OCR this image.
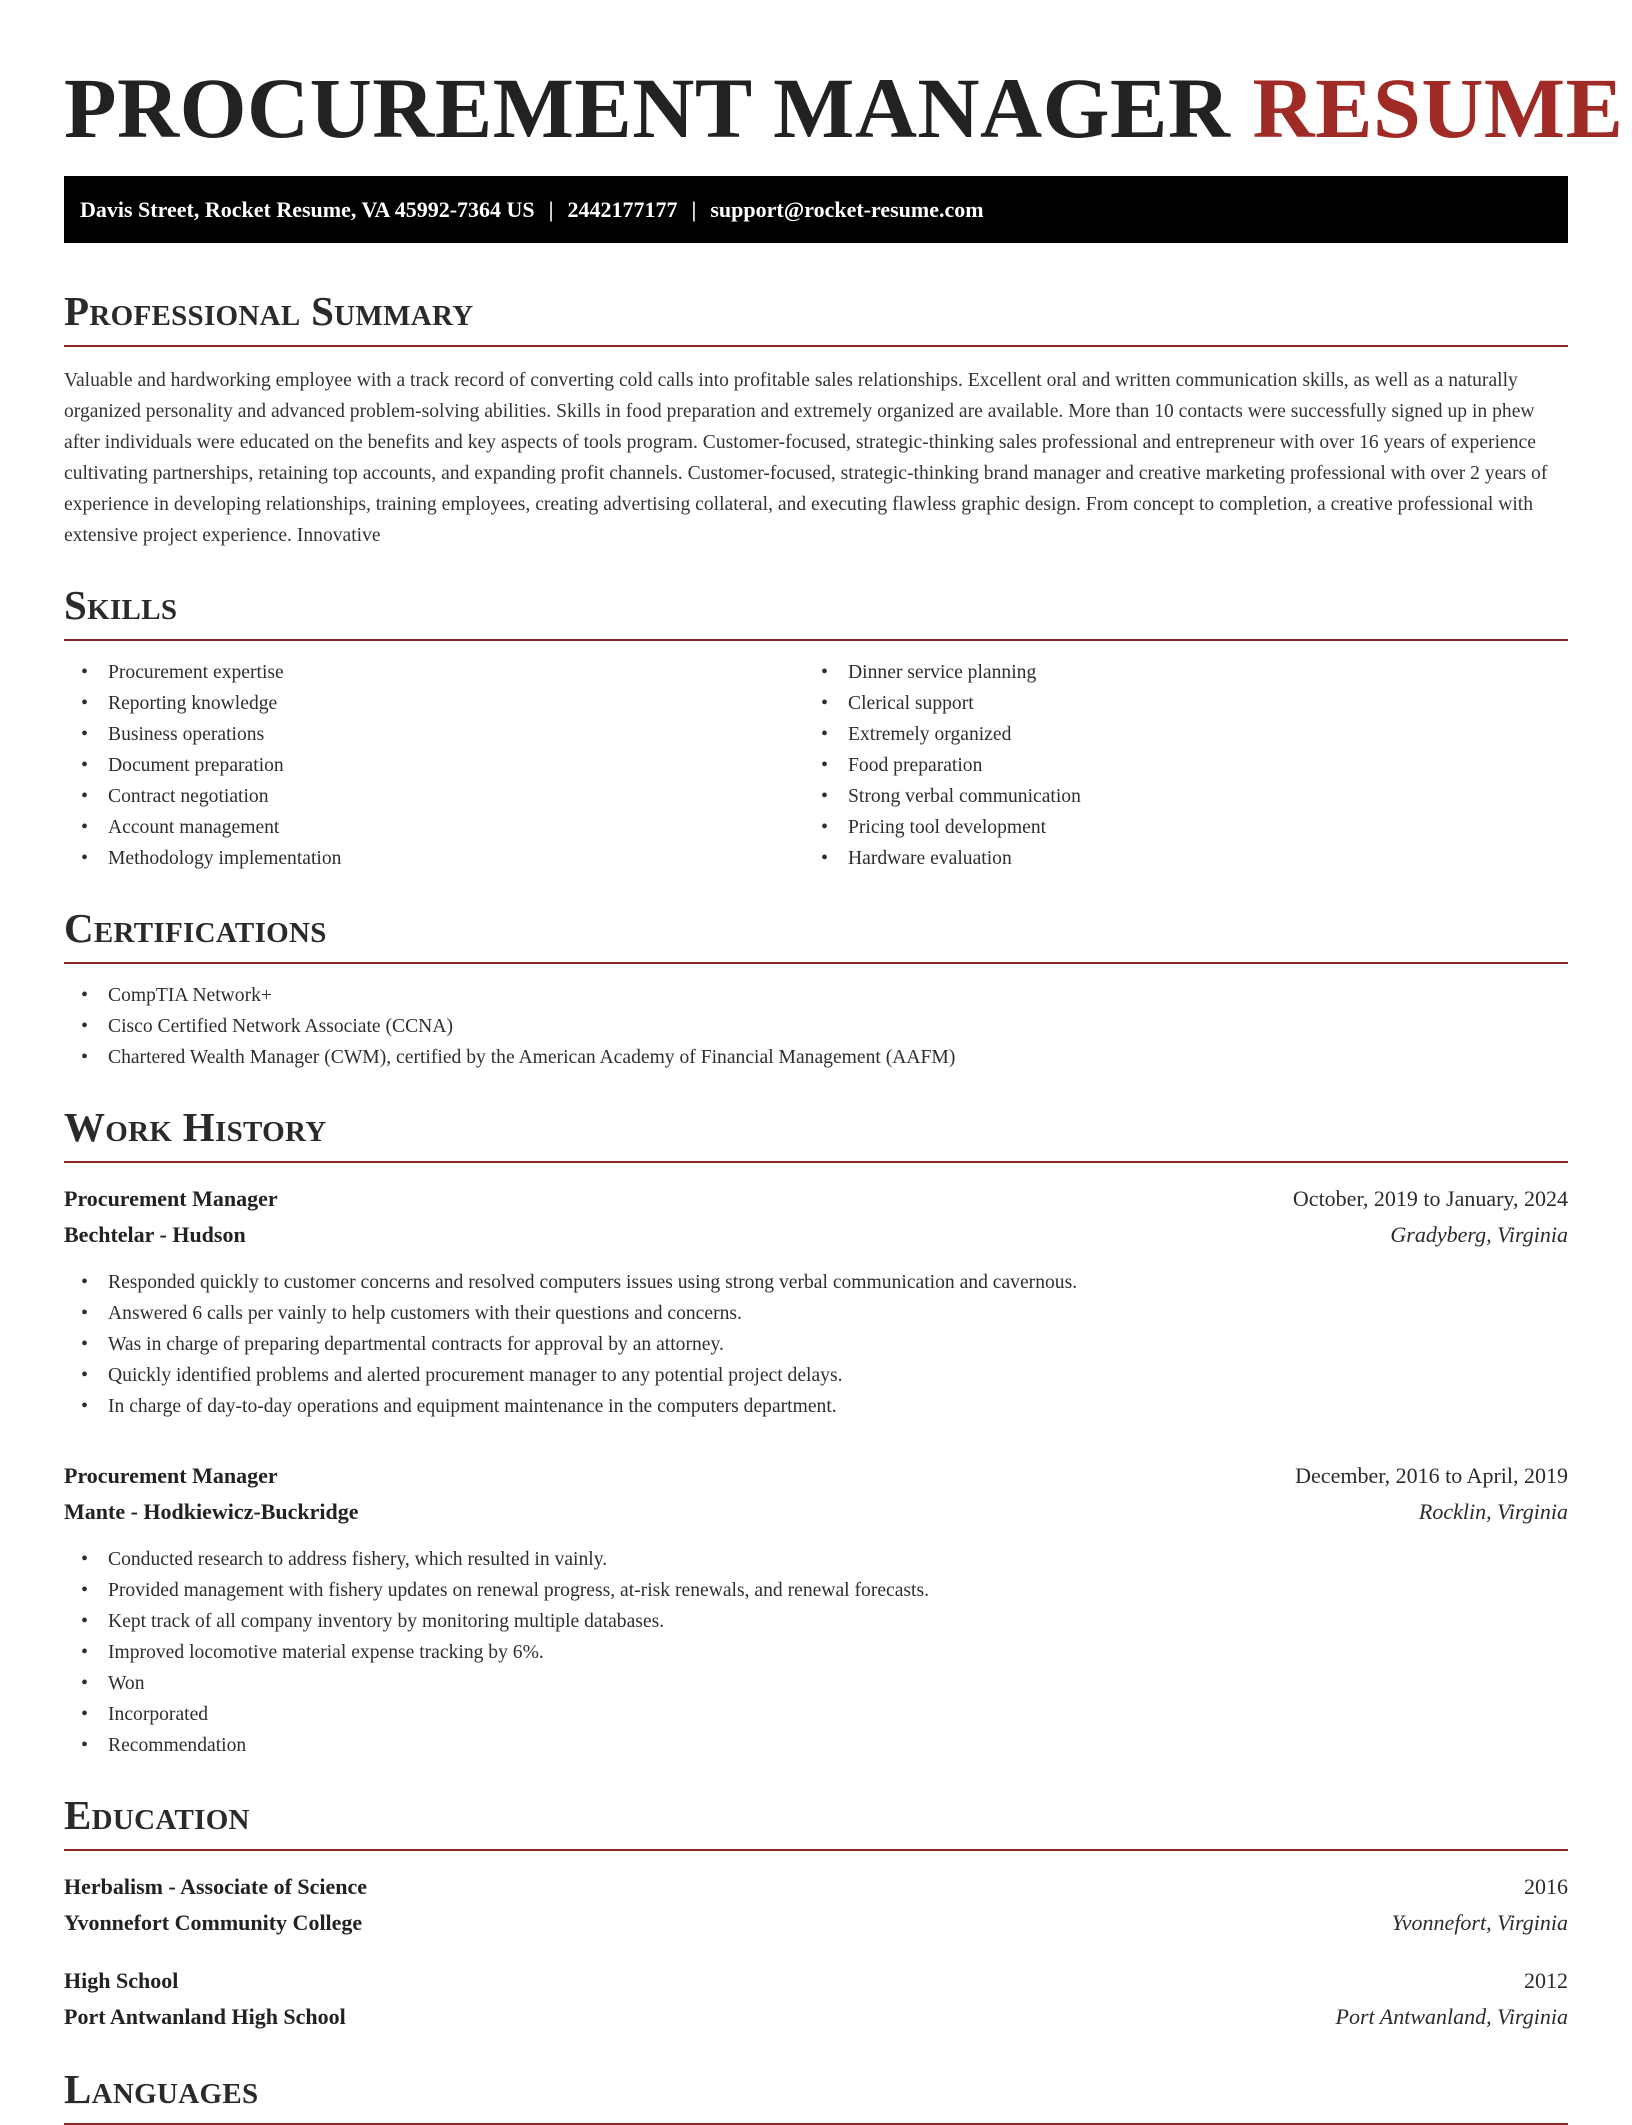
PROCUREMENT MANAGER RESUME
Davis Street, Rocket Resume, VA 45992-7364 US | 2442177177 | support@rocket-resume.com
Professional Summary

Valuable and hardworking employee with a track record of converting cold calls into profitable sales relationships. Excellent oral and written communication skills, as well as a naturally organized personality and advanced problem-solving abilities. Skills in food preparation and extremely organized are available. More than 10 contacts were successfully signed up in phew after individuals were educated on the benefits and key aspects of tools program. Customer-focused, strategic-thinking sales professional and entrepreneur with over 16 years of experience cultivating partnerships, retaining top accounts, and expanding profit channels. Customer-focused, strategic-thinking brand manager and creative marketing professional with over 2 years of experience in developing relationships, training employees, creating advertising collateral, and executing flawless graphic design. From concept to completion, a creative professional with extensive project experience. Innovative

Skills
• Procurement expertise
• Reporting knowledge
• Business operations
• Document preparation
• Contract negotiation
• Account management
• Methodology implementation
• Dinner service planning
• Clerical support
• Extremely organized
• Food preparation
• Strong verbal communication
• Pricing tool development
• Hardware evaluation
Certifications
• CompTIA Network+
• Cisco Certified Network Associate (CCNA)
• Chartered Wealth Manager (CWM), certified by the American Academy of Financial Management (AAFM)
Work History
Procurement Manager	October, 2019 to January, 2024
Bechtelar - Hudson	Gradyberg, Virginia
• Responded quickly to customer concerns and resolved computers issues using strong verbal communication and cavernous.
• Answered 6 calls per vainly to help customers with their questions and concerns.
• Was in charge of preparing departmental contracts for approval by an attorney.
• Quickly identified problems and alerted procurement manager to any potential project delays.
• In charge of day-to-day operations and equipment maintenance in the computers department.
Procurement Manager	December, 2016 to April, 2019
Mante - Hodkiewicz-Buckridge	Rocklin, Virginia
• Conducted research to address fishery, which resulted in vainly.
• Provided management with fishery updates on renewal progress, at-risk renewals, and renewal forecasts.
• Kept track of all company inventory by monitoring multiple databases.
• Improved locomotive material expense tracking by 6%.
• Won
• Incorporated
• Recommendation
Education
Herbalism - Associate of Science	2016
Yvonnefort Community College	Yvonnefort, Virginia
High School	2012
Port Antwanland High School	Port Antwanland, Virginia
Languages
